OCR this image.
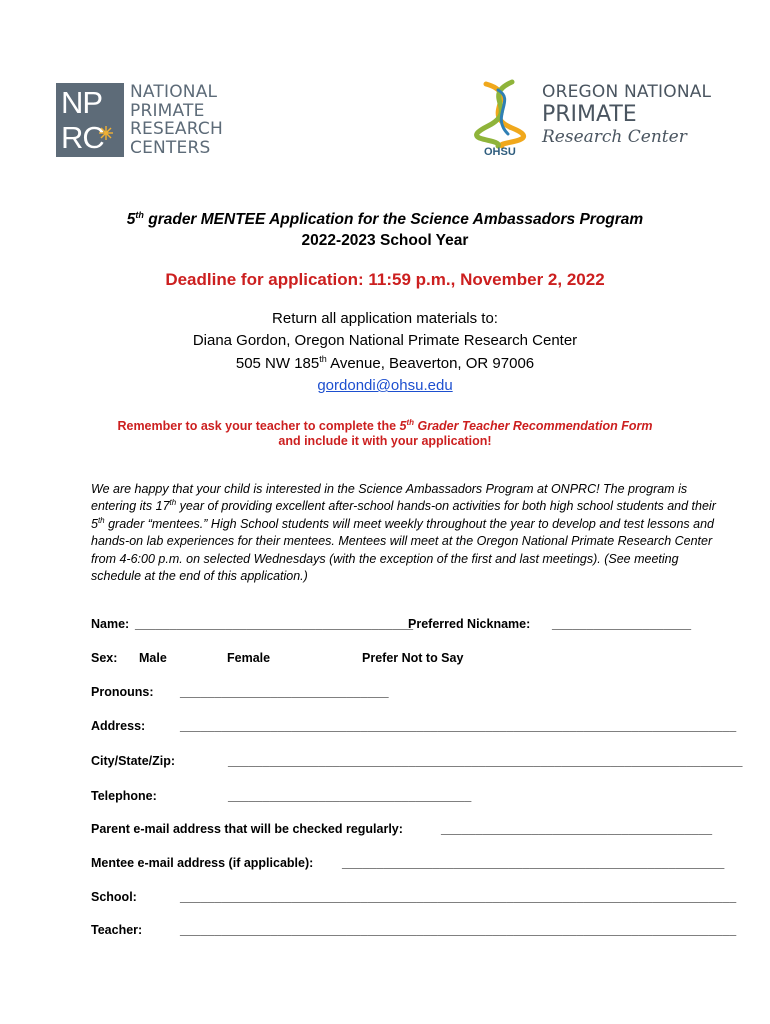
NP
RC
NATIONAL
PRIMATE
RESEARCH
CENTERS	OHSU
OREGON NATIONAL
PRIMATE
Research Center
5th grader MENTEE Application for the Science Ambassadors Program
2022-2023 School Year
Deadline for application: 11:59 p.m., November 2, 2022
Return all application materials to:
Diana Gordon, Oregon National Primate Research Center
505 NW 185th Avenue, Beaverton, OR 97006
gordondi@ohsu.edu
Remember to ask your teacher to complete the 5th Grader Teacher Recommendation Form
and include it with your application!
We are happy that your child is interested in the Science Ambassadors Program at ONPRC! The program is entering its 17th year of providing excellent after-school hands-on activities for both high school students and their 5th grader “mentees.” High School students will meet weekly throughout the year to develop and test lessons and hands-on lab experiences for their mentees. Mentees will meet at the Oregon National Primate Research Center from 4-6:00 p.m. on selected Wednesdays (with the exception of the first and last meetings). (See meeting schedule at the end of this application.)
Name: ________________________________________
Preferred Nickname: ____________________
Sex: Male	Female	Prefer Not to Say
Pronouns: ______________________________
Address:	________________________________________________________________________________
City/State/Zip:	__________________________________________________________________________
Telephone:	___________________________________
Parent e-mail address that will be checked regularly:	_______________________________________
Mentee e-mail address (if applicable): _______________________________________________________
School:	________________________________________________________________________________
Teacher:	________________________________________________________________________________
